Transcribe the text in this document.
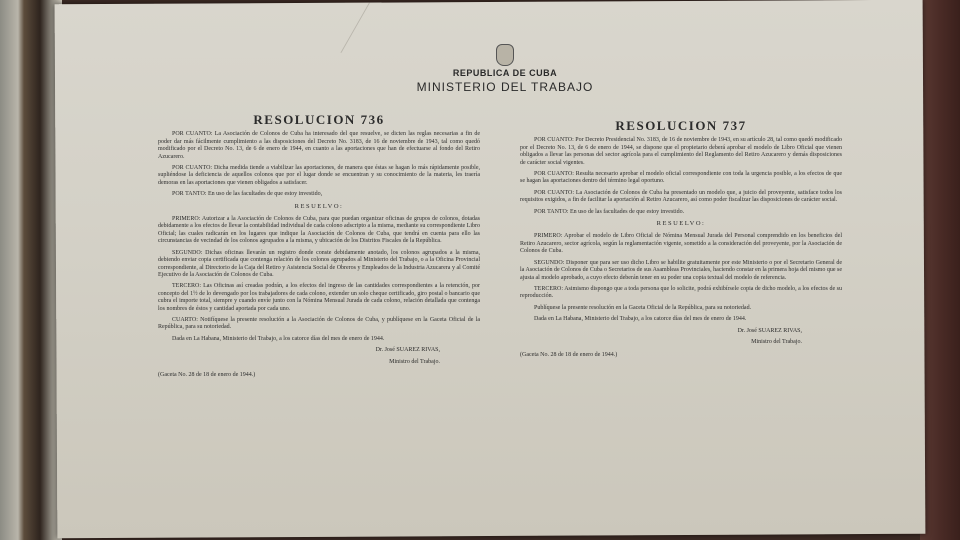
REPUBLICA DE CUBA
MINISTERIO DEL TRABAJO
RESOLUCION 736

POR CUANTO: La Asociación de Colonos de Cuba ha interesado del que resuelve, se dicten las reglas necesarias a fin de poder dar más fácilmente cumplimiento a las disposiciones del Decreto No. 3183, de 16 de noviembre de 1943, tal como quedó modificado por el Decreto No. 13, de 6 de enero de 1944, en cuanto a las aportaciones que han de efectuarse al fondo del Retiro Azucarero.

POR CUANTO: Dicha medida tiende a viabilizar las aportaciones, de manera que éstas se hagan lo más rápidamente posible, supliéndose la deficiencia de aquellos colonos que por el lugar donde se encuentran y su conocimiento de la materia, les traería demoras en las aportaciones que vienen obligados a satisfacer.

POR TANTO: En uso de las facultades de que estoy investido,

RESUELVO:

PRIMERO: Autorizar a la Asociación de Colonos de Cuba, para que puedan organizar oficinas de grupos de colonos, dotadas debidamente a los efectos de llevar la contabilidad individual de cada colono adscripto a la misma, mediante su correspondiente Libro Oficial; las cuales radicarán en los lugares que indique la Asociación de Colonos de Cuba, que tendrá en cuenta para ello las circunstancias de vecindad de los colonos agrupados a la misma, y ubicación de los Distritos Fiscales de la República.

SEGUNDO: Dichas oficinas llevarán un registro donde conste debidamente anotado, los colonos agrupados a la misma, debiendo enviar copia certificada que contenga relación de los colonos agrupados al Ministerio del Trabajo, o a la Oficina Provincial correspondiente, al Directorio de la Caja del Retiro y Asistencia Social de Obreros y Empleados de la Industria Azucarera y al Comité Ejecutivo de la Asociación de Colonos de Cuba.

TERCERO: Las Oficinas así creadas podrán, a los efectos del ingreso de las cantidades correspondientes a la retención, por concepto del 1½ de lo devengado por los trabajadores de cada colono, extender un solo cheque certificado, giro postal o bancario que cubra el importe total, siempre y cuando envíe junto con la Nómina Mensual Jurada de cada colono, relación detallada que contenga los nombres de éstos y cantidad aportada por cada uno.

CUARTO: Notifíquese la presente resolución a la Asociación de Colonos de Cuba, y publíquese en la Gaceta Oficial de la República, para su notoriedad.

Dada en La Habana, Ministerio del Trabajo, a los catorce días del mes de enero de 1944.

Dr. José SUAREZ RIVAS,
Ministro del Trabajo.
(Gaceta No. 28 de 18 de enero de 1944.)
RESOLUCION 737

POR CUANTO: Por Decreto Presidencial No. 3183, de 16 de noviembre de 1943, en su artículo 28, tal como quedó modificado por el Decreto No. 13, de 6 de enero de 1944, se dispone que el propietario deberá aprobar el modelo de Libro Oficial que vienen obligados a llevar las personas del sector agrícola para el cumplimiento del Reglamento del Retiro Azucarero y demás disposiciones de carácter social vigentes.

POR CUANTO: Resulta necesario aprobar el modelo oficial correspondiente con toda la urgencia posible, a los efectos de que se hagan las aportaciones dentro del término legal oportuno.

POR CUANTO: La Asociación de Colonos de Cuba ha presentado un modelo que, a juicio del proveyente, satisface todos los requisitos exigidos, a fin de facilitar la aportación al Retiro Azucarero, así como poder fiscalizar las disposiciones de carácter social.

POR TANTO: En uso de las facultades de que estoy investido.

RESUELVO:

PRIMERO: Aprobar el modelo de Libro Oficial de Nómina Mensual Jurada del Personal comprendido en los beneficios del Retiro Azucarero, sector agrícola, según la reglamentación vigente, sometido a la consideración del proveyente, por la Asociación de Colonos de Cuba.

SEGUNDO: Disponer que para ser uso dicho Libro se habilite gratuitamente por este Ministerio o por el Secretario General de la Asociación de Colonos de Cuba o Secretarios de sus Asambleas Provinciales, haciendo constar en la primera hoja del mismo que se ajusta al modelo aprobado, a cuyo efecto deberán tener en su poder una copia textual del modelo de referencia.

TERCERO: Asimismo dispongo que a toda persona que lo solicite, podrá exhibírsele copia de dicho modelo, a los efectos de su reproducción.

Publíquese la presente resolución en la Gaceta Oficial de la República, para su notoriedad.

Dada en La Habana, Ministerio del Trabajo, a los catorce días del mes de enero de 1944.

Dr. José SUAREZ RIVAS,
Ministro del Trabajo.
(Gaceta No. 28 de 18 de enero de 1944.)
